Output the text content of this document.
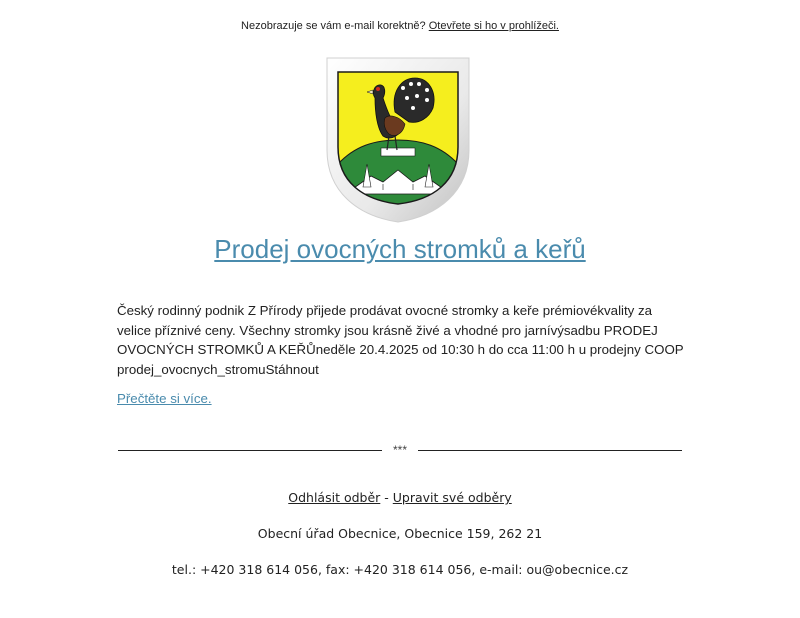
Nezobrazuje se vám e-mail korektně? Otevřete si ho v prohlížeči.
Prodej ovocných stromků a keřů

Český rodinný podnik Z Přírody přijede prodávat ovocné stromky a keře prémiovékvality za velice příznivé ceny. Všechny stromky jsou krásně živé a vhodné pro jarnívýsadbu PRODEJ OVOCNÝCH STROMKŮ A KEŘŮneděle 20.4.2025 od 10:30 h do cca 11:00 h u prodejny COOP prodej_ovocnych_stromuStáhnout

Přečtěte si více.
***
Odhlásit odběr - Upravit své odběry
Obecní úřad Obecnice, Obecnice 159, 262 21
tel.: +420 318 614 056, fax: +420 318 614 056, e-mail: ou@obecnice.cz
